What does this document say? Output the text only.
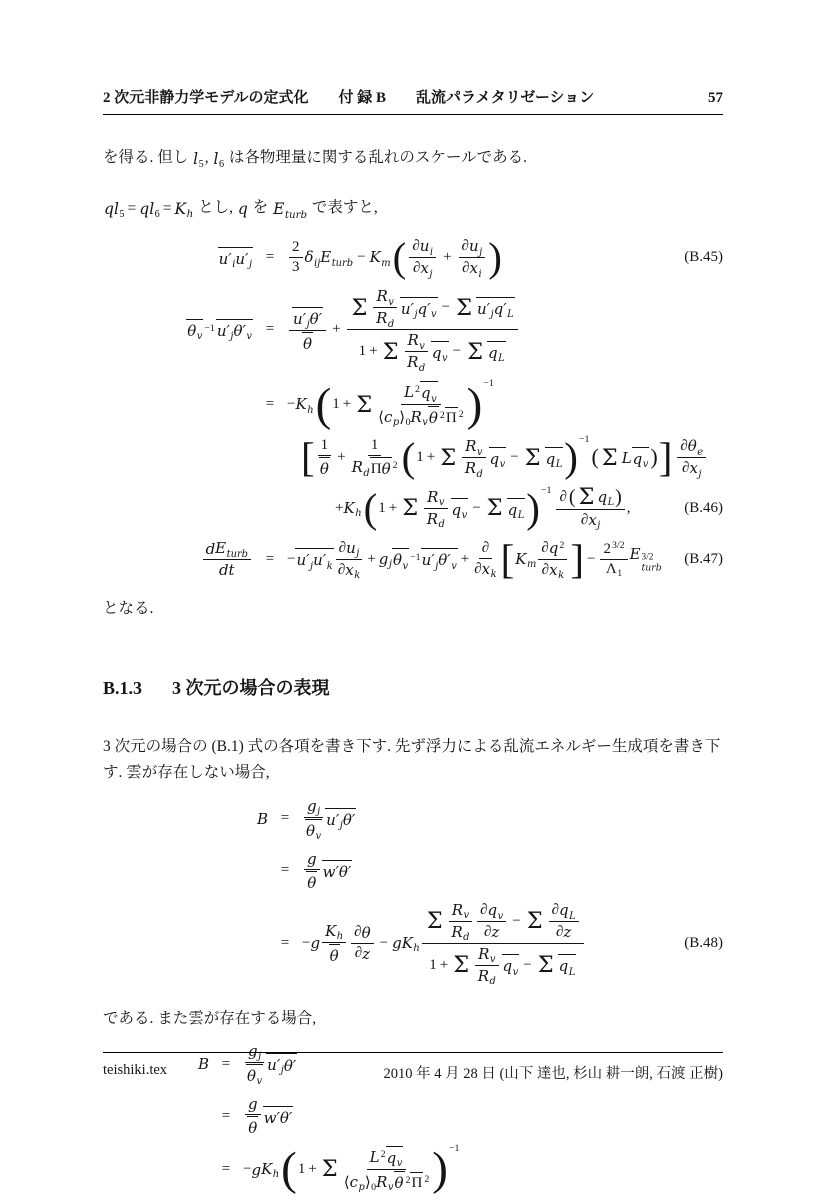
2 次元非静力学モデルの定式化 付 録 B 乱流パラメタリゼーション	57
を得る. 但し $l_5$ , $l_6$ は各物理量に関する乱れのスケールである.
q $l_5 = q$ $l_6 = K_h$ とし, q を $E_{turb}$ で表すと,
$u'_i$ $u'_j$ =
2
3
$\delta_{ij}$ $E_{turb} - K_m$ ( ∂ $u_i$
∂ $x_j$
+
∂ $u_j$
∂ $x_i$ )	(B.45)
$\theta_v$
$^{-1}$ $u'_j$ $\theta'_v$ =
$u'_j$ θ′
θ
+
Σ $R_v$
$R_d$
$u'_j$ $q'_v - \Sigma$ $u'_j$ $q'_L$
1 + Σ $R_v$
$R_d$
$q_v - \Sigma$ $q_L$
= − $K_h$ ( 1 + Σ $L^2$ $q_v$
⟨ $c_p$ ⟩ $_0$ $R_v$ θ $^2$ Π $^2$ ) −1
[ 1
θ
+
1
$R_d$ Π θ $^2$ ( 1 + Σ $R_v$
$R_d$
$q_v - \Sigma$ $q_L$ ) −1
( Σ L $q_v$ ) ] ∂ $\theta_e$
∂ $x_j$
+ $K_h$ ( 1 + Σ $R_v$
$R_d$
$q_v - \Sigma$ $q_L$ ) −1 ∂ ( Σ $q_L$ )
∂ $x_j$
,	(B.46)
d $E_{turb}$
dt
= − $u'_j$ $u'_k$
∂ $u_j$
∂ $x_k$
+ $g_j$ $\theta_v$
$^{-1}$ $u'_j$ $\theta'_v$ +
∂
∂ $x_k$ [ $K_m$
∂ $q^2$
∂ $x_k$ ] −
$2^{3/2}$
$\Lambda_1$
E 3/2
turb
(B.47)
となる.
B.1.3 3 次元の場合の表現
3 次元の場合の (B.1) 式の各項を書き下す. 先ず浮力による乱流エネルギー生成項を書き下す. 雲が存在しない場合,
B =
$g_j$
$\theta_v$
$u'_j$ θ′
=
g
θ
w′ θ′
= − g
$K_h$
θ
∂ θ
∂ z
− g $K_h$
Σ $R_v$
$R_d$
∂ $q_v$
∂ z
− Σ ∂ $q_L$
∂ z
1 + Σ $R_v$
$R_d$
$q_v - \Sigma$ $q_L$
(B.48)
である. また雲が存在する場合,
B =
$g_j$
$\theta_v$
$u'_j$ θ′
=
g
θ
w′ θ′
= − g $K_h$ ( 1 + Σ $L^2$ $q_v$
⟨ $c_p$ ⟩ $_0$ $R_v$ θ $^2$ Π $^2$ ) −1
teishiki.tex	2010 年 4 月 28 日 (山下 達也, 杉山 耕一朗, 石渡 正樹)
